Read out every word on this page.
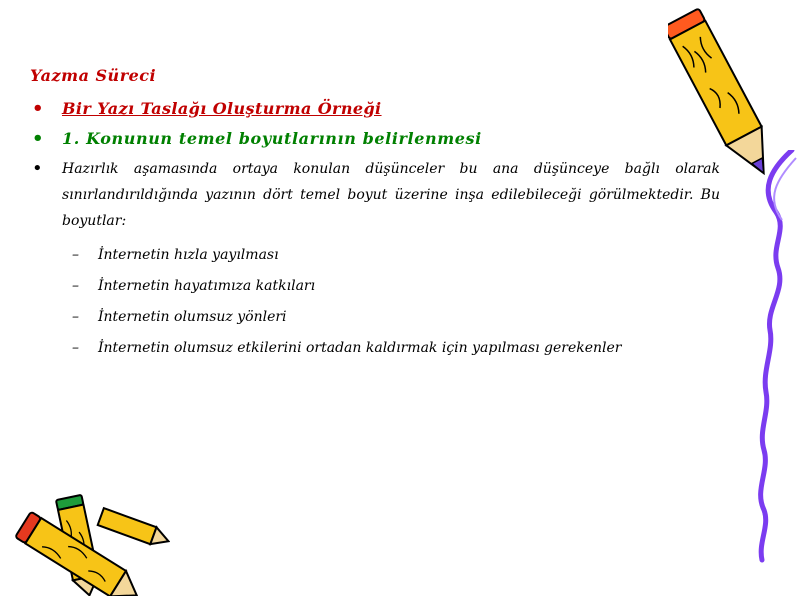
Yazma Süreci
• Bir Yazı Taslağı Oluşturma Örneği
• 1. Konunun temel boyutlarının belirlenmesi
• Hazırlık aşamasında ortaya konulan düşünceler bu ana düşünceye bağlı olarak sınırlandırıldığında yazının dört temel boyut üzerine inşa edilebileceği görülmektedir. Bu boyutlar:
– İnternetin hızla yayılması
– İnternetin hayatımıza katkıları
– İnternetin olumsuz yönleri
– İnternetin olumsuz etkilerini ortadan kaldırmak için yapılması gerekenler
